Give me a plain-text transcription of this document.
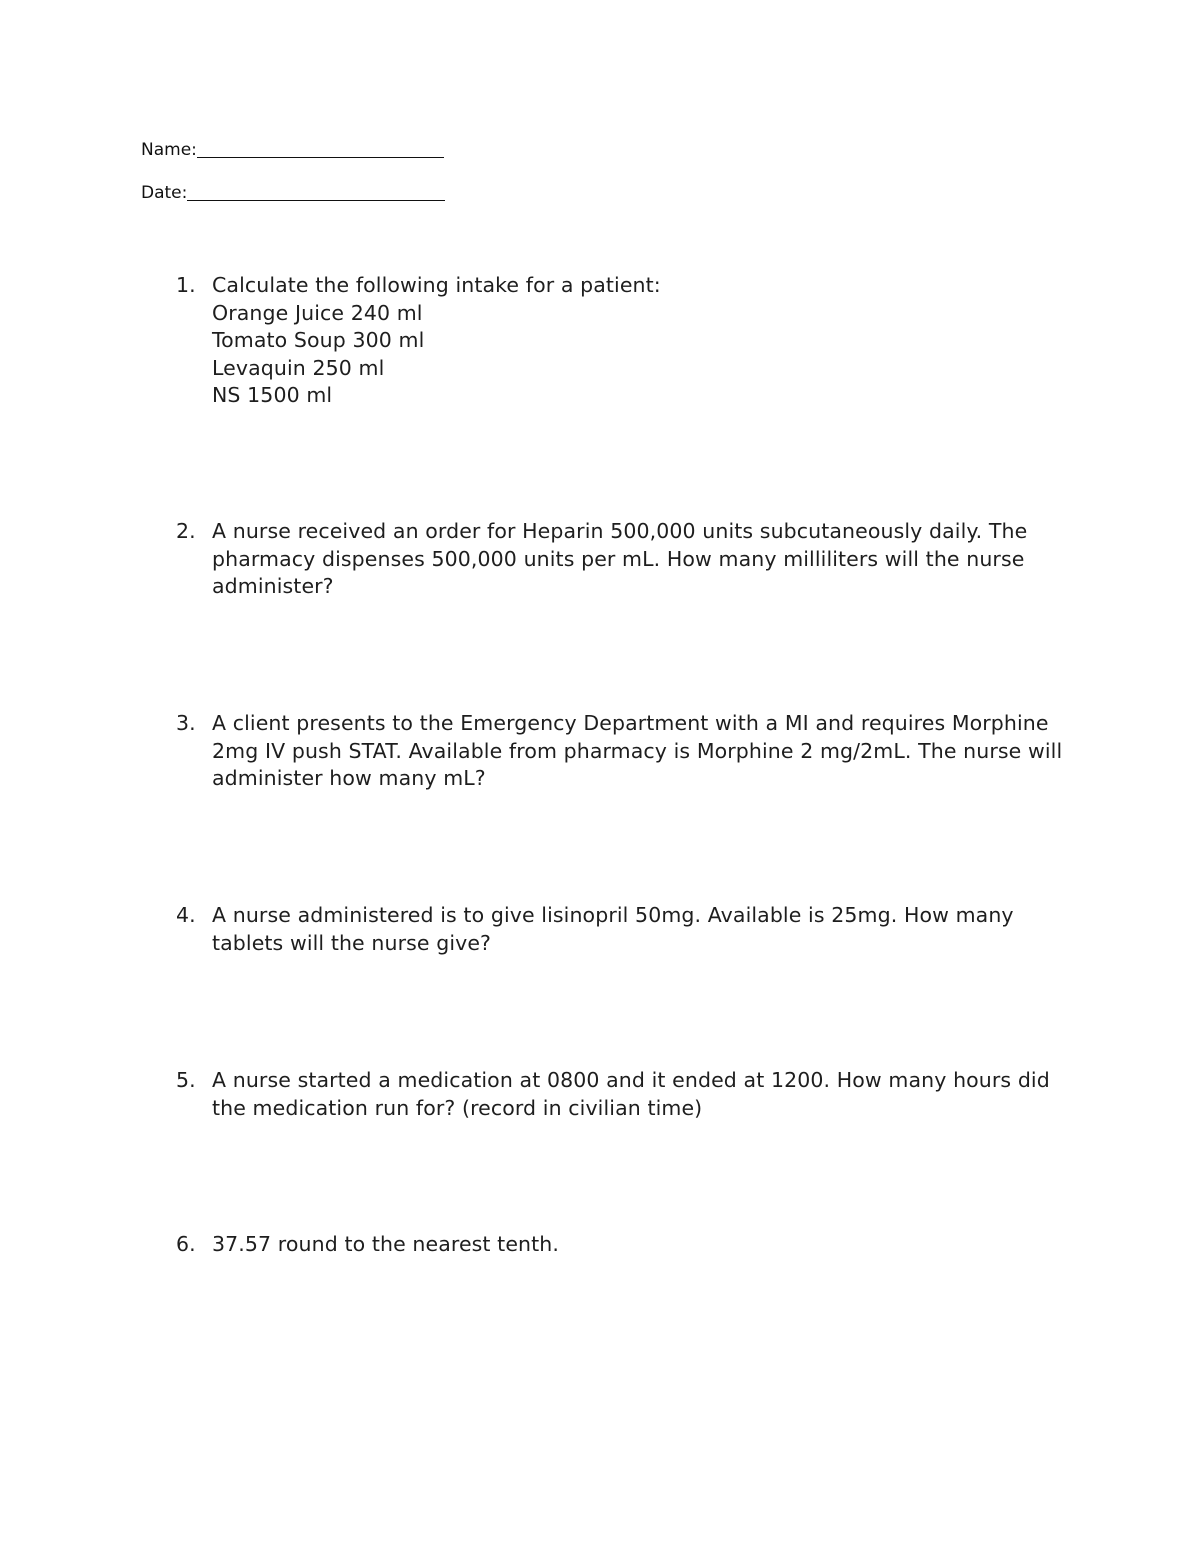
Name:
Date:
1. Calculate the following intake for a patient:
Orange Juice 240 ml
Tomato Soup 300 ml
Levaquin 250 ml
NS 1500 ml
2. A nurse received an order for Heparin 500,000 units subcutaneously daily. The
pharmacy dispenses 500,000 units per mL. How many milliliters will the nurse
administer?
3. A client presents to the Emergency Department with a MI and requires Morphine
2mg IV push STAT. Available from pharmacy is Morphine 2 mg/2mL. The nurse will
administer how many mL?
4. A nurse administered is to give lisinopril 50mg. Available is 25mg. How many
tablets will the nurse give?
5. A nurse started a medication at 0800 and it ended at 1200. How many hours did
the medication run for? (record in civilian time)
6. 37.57 round to the nearest tenth.
